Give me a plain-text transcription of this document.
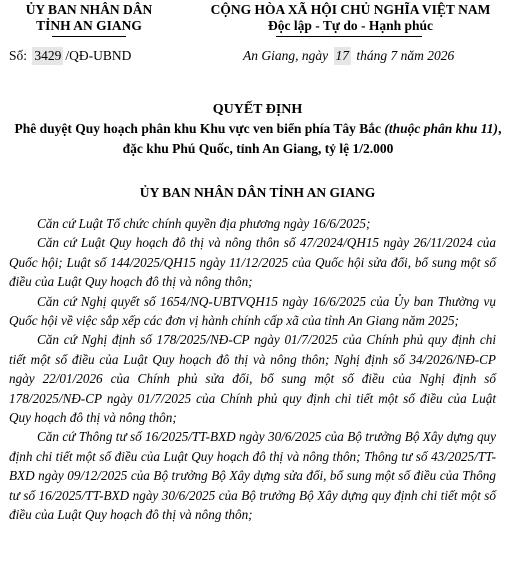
ỦY BAN NHÂN DÂN
TỈNH AN GIANG
CỘNG HÒA XÃ HỘI CHỦ NGHĨA VIỆT NAM
Độc lập - Tự do - Hạnh phúc
Số: 3429 /QĐ-UBND	An Giang, ngày 17 tháng 7 năm 2026
QUYẾT ĐỊNH
Phê duyệt Quy hoạch phân khu Khu vực ven biển phía Tây Bắc (thuộc phân khu 11), đặc khu Phú Quốc, tỉnh An Giang, tỷ lệ 1/2.000
ỦY BAN NHÂN DÂN TỈNH AN GIANG

Căn cứ Luật Tổ chức chính quyền địa phương ngày 16/6/2025;

Căn cứ Luật Quy hoạch đô thị và nông thôn số 47/2024/QH15 ngày 26/11/2024 của Quốc hội; Luật số 144/2025/QH15 ngày 11/12/2025 của Quốc hội sửa đổi, bổ sung một số điều của Luật Quy hoạch đô thị và nông thôn;

Căn cứ Nghị quyết số 1654/NQ-UBTVQH15 ngày 16/6/2025 của Ủy ban Thường vụ Quốc hội về việc sắp xếp các đơn vị hành chính cấp xã của tỉnh An Giang năm 2025;

Căn cứ Nghị định số 178/2025/NĐ-CP ngày 01/7/2025 của Chính phủ quy định chi tiết một số điều của Luật Quy hoạch đô thị và nông thôn; Nghị định số 34/2026/NĐ-CP ngày 22/01/2026 của Chính phủ sửa đổi, bổ sung một số điều của Nghị định số 178/2025/NĐ-CP ngày 01/7/2025 của Chính phủ quy định chi tiết một số điều của Luật Quy hoạch đô thị và nông thôn;

Căn cứ Thông tư số 16/2025/TT-BXD ngày 30/6/2025 của Bộ trưởng Bộ Xây dựng quy định chi tiết một số điều của Luật Quy hoạch đô thị và nông thôn; Thông tư số 43/2025/TT-BXD ngày 09/12/2025 của Bộ trưởng Bộ Xây dựng sửa đổi, bổ sung một số điều của Thông tư số 16/2025/TT-BXD ngày 30/6/2025 của Bộ trưởng Bộ Xây dựng quy định chi tiết một số điều của Luật Quy hoạch đô thị và nông thôn;
